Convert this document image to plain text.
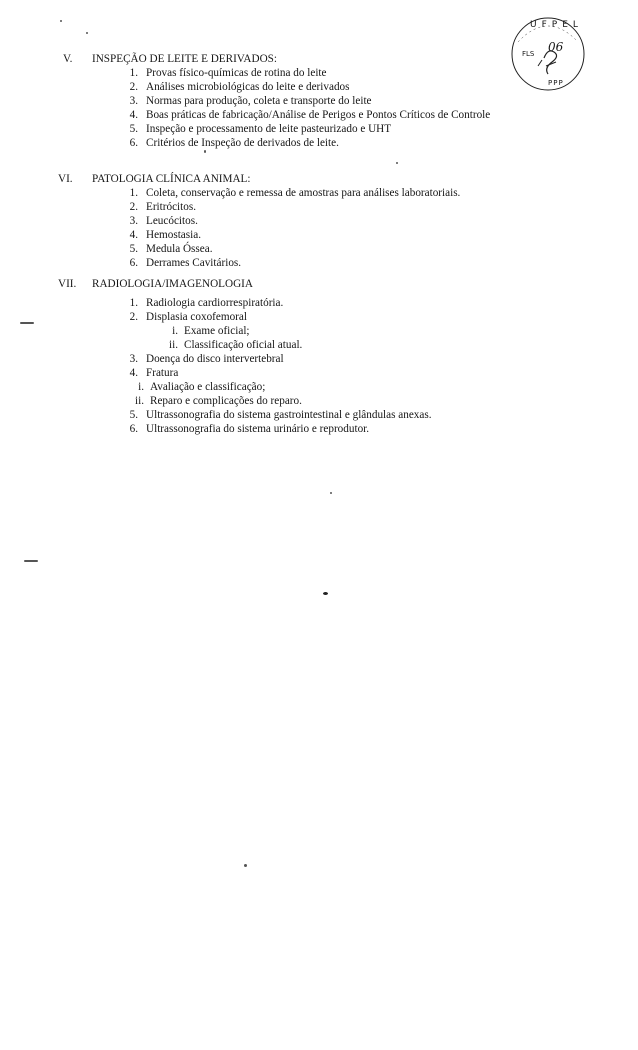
UFPEL
FLS 06
PPP
V.	INSPEÇÃO DE LEITE E DERIVADOS:
1. Provas físico-químicas de rotina do leite
2. Análises microbiológicas do leite e derivados
3. Normas para produção, coleta e transporte do leite
4. Boas práticas de fabricação/Análise de Perigos e Pontos Críticos de Controle
5. Inspeção e processamento de leite pasteurizado e UHT
6. Critérios de Inspeção de derivados de leite.
VI.	PATOLOGIA CLÍNICA ANIMAL:
1. Coleta, conservação e remessa de amostras para análises laboratoriais.
2. Eritrócitos.
3. Leucócitos.
4. Hemostasia.
5. Medula Óssea.
6. Derrames Cavitários.
VII.	RADIOLOGIA/IMAGENOLOGIA
1. Radiologia cardiorrespiratória.
2. Displasia coxofemoral
i. Exame oficial;
ii. Classificação oficial atual.
3. Doença do disco intervertebral
4. Fratura
i. Avaliação e classificação;
ii. Reparo e complicações do reparo.
5. Ultrassonografia do sistema gastrointestinal e glândulas anexas.
6. Ultrassonografia do sistema urinário e reprodutor.
